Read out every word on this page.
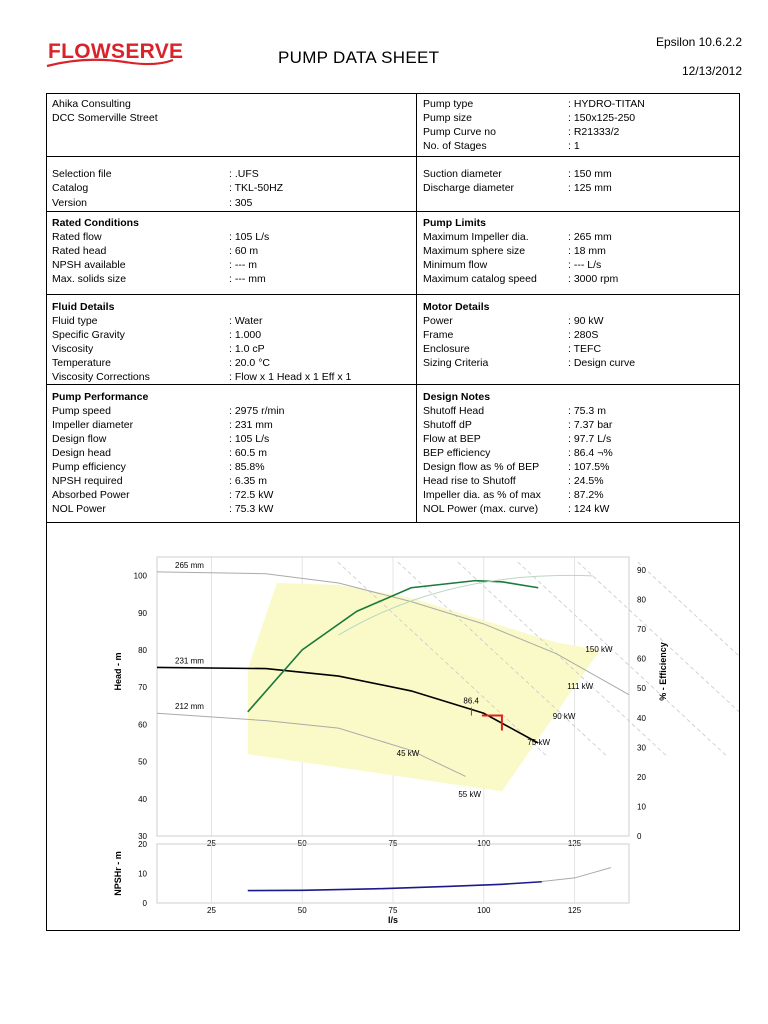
FLOWSERVE	PUMP DATA SHEET
Epsilon 10.6.2.2
12/13/2012
Ahika Consulting
DCC Somerville Street
Pump type	: HYDRO-TITAN
Pump size	: 150x125-250
Pump Curve no	: R21333/2
No. of Stages	: 1
Selection file	: .UFS
Catalog	: TKL-50HZ
Version	: 305
Suction diameter	: 150 mm
Discharge diameter	: 125 mm
Rated Conditions
Rated flow	: 105 L/s
Rated head	: 60 m
NPSH available	: --- m
Max. solids size	: --- mm
Pump Limits
Maximum Impeller dia.	: 265 mm
Maximum sphere size	: 18 mm
Minimum flow	: --- L/s
Maximum catalog speed	: 3000 rpm
Fluid Details
Fluid type	: Water
Specific Gravity	: 1.000
Viscosity	: 1.0 cP
Temperature	: 20.0 °C
Viscosity Corrections	: Flow x 1 Head x 1 Eff x 1
Motor Details
Power	: 90 kW
Frame	: 280S
Enclosure	: TEFC
Sizing Criteria	: Design curve
Pump Performance
Pump speed	: 2975 r/min
Impeller diameter	: 231 mm
Design flow	: 105 L/s
Design head	: 60.5 m
Pump efficiency	: 85.8%
NPSH required	: 6.35 m
Absorbed Power	: 72.5 kW
NOL Power	: 75.3 kW
Design Notes
Shutoff Head	: 75.3 m
Shutoff dP	: 7.37 bar
Flow at BEP	: 97.7 L/s
BEP efficiency	: 86.4 ¬%
Design flow as % of BEP	: 107.5%
Head rise to Shutoff	: 24.5%
Impeller dia. as % of max	: 87.2%
NOL Power (max. curve)	: 124 kW
265 mm
231 mm
212 mm
86.4
150 kW
111 kW
90 kW
75 kW
45 kW
55 kW
30
40
50
60
70
80
90
100
0
10
20
30
40
50
60
70
80
90
25	50	75	100	125
Head - m	% - Efficiency
0
10
20
25	50	75	100	125
NPSHr - m
l/s
